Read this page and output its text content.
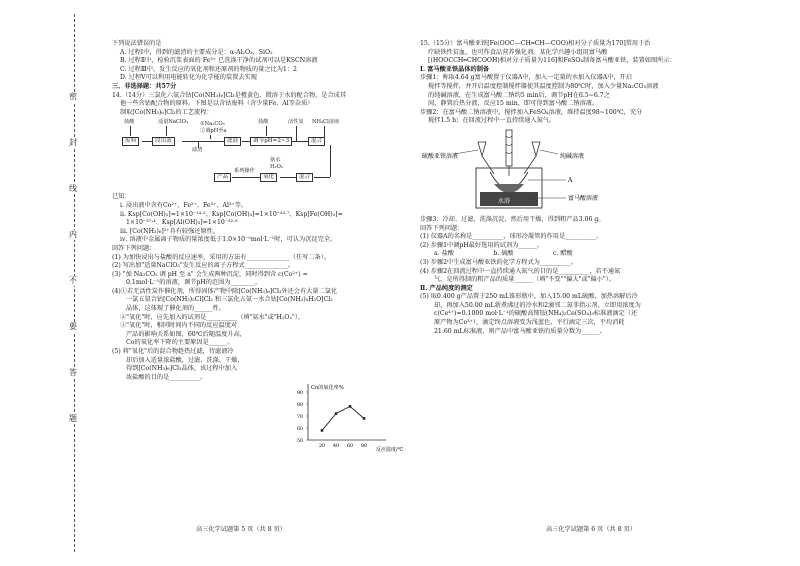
密
封
线
内
不
要
答
题

下列说法错误的是

A. 过程Ⅰ中，得到的滤渣的主要成分是：α-Al₂O₃、SiO₂

B. 过程Ⅱ中，检验沉浆表面的 Fe³⁺ 已洗涤干净的试剂可以是KSCN溶液

C. 过程Ⅲ中，发生反应的氧化剂和还原剂的物质的量之比为1：2

D. 过程Ⅴ可以利用电能转化为化学能的装置去实现

三、非选择题：共57分

14.（14分）三氯化六氨合钴[Co(NH₃)₆]Cl₃是橙黄色、微溶于水的配合物，是合成其

他一些含钴配合物的原料。下图是以含钴废料（含少量Fe、Al等杂质）

制取[Co(NH₃)₆]Cl₃的工艺流程：

盐酸	适量NaClO₃ ①Na₂CO₃
②调pH至a
盐酸	活性炭 NH₄Cl溶液
氨水
H₂O₂
废料	浸出液
滤渣
滤液	调节pH=2~3	混合
混合
氧化
系列操作
产品

已知：

ⅰ. 浸出液中含有Co²⁺、Fe²⁺、Fe³⁺、Al³⁺等。

ⅱ. Ksp[Co(OH)₂]=1×10⁻¹⁴·²、Ksp[Co(OH)₃]=1×10⁻⁴³·⁷、Ksp[Fe(OH)₃]=

1×10⁻³⁷·⁴、Ksp[Al(OH)₃]=1×10⁻³²·⁹

ⅲ. [Co(NH₃)₆]²⁺具有较强还原性。

ⅳ. 溶液中金属离子物质的量浓度低于1.0×10⁻⁵mol·L⁻¹时，可认为沉淀完全。

回答下列问题：

(1) 为加快浸出与盐酸的反应速率，采用的方法有______________（任写二条）。

(2) 写出加"适量NaClO₃"发生反应的离子方程式______________。

(3) "加 Na₂CO₃ 调 pH 至 a" 会生成两种沉淀，同时得到含 c(Co²⁺) =

0.1mol·L⁻¹的溶液，调节pH的范围为________。

(4)①若无活性炭作催化剂，所得固体产物中除[Co(NH₃)₆]Cl₃外还会有大量二氯化

一氯五氨合钴[Co(NH₃)₅Cl]Cl₂ 和三氯化五氨一水合钴[Co(NH₃)₅H₂O]Cl₃

晶体，这体现了催化剂的______性。

②"氧化"时，应先加入的试剂是__________（填"氨水"或"H₂O₂"）。

③"氧化"时，相同时间内不同的反应温度对

产品的影响关系如图，60℃后随温度升高，

Co的氧化率下降的主要原因是______。

(5) 将"氧化"后的混合物趁热过滤，待滤液冷

却后加入适量浓盐酸，过滤、洗涤、干燥，

得到[Co(NH₃)₆]Cl₃晶体，该过程中加入

浓盐酸的目的是__________。

Co的氧化率%
反应温度/℃
90
80
70
60
50
20 40 60 80
高三化学试题第 5 页（共 8 页）

15.（15分）富马酸亚铁[Fe(OOC—CH═CH—COO)相对分子质量为170]常用于治

疗缺铁性贫血，也可作食品营养强化剂。某化学兴趣小组用富马酸

[(HOOCCH═CHCOOH)相对分子质量为116]和FeSO₄制备富马酸亚铁，装置如图所示：

Ⅰ. 富马酸亚铁晶体的制备

步骤1：称取4.64 g富马酸置于仪器A中，加入一定量的水加入仪器A中，开启

搅拌等搅拌，并开启温度控制搅拌器使其温度控制为80℃时，加入少量Na₂CO₃溶液

的纯碱溶液，在生成富马酸二钠约5 min后，调节pH在6.5~6.7之

间，静置后热分液，反应15 min，即可得到富马酸二钠溶液。

步骤2：在富马酸二钠溶液中，搅拌加入FeSO₄溶液，维持温度98~100℃，充分

搅拌1.5 h；在回流过程中一直持续通入氮气。

硫酸亚铁溶液	纯碱溶液
A
水浴	富马酸溶液

步骤3：冷却、过滤，洗涤沉淀，然后用干燥，得到粗产品3.06 g。

回答下列问题：

(1) 仪器A的名称是__________，球形冷凝管的作用是__________。

(2) 步骤1中调pH最好选用的试剂为______。

a. 盐酸                    b. 硫酸                    c. 醋酸

(3) 步骤2中生成富马酸亚铁的化学方程式为__________。

(4) 步骤2在回流过程中一直持续通入氮气的目的是__________，若不通氮

气，是所得制的粗产品的质量______（填"不变""偏大"或"偏小"）。

Ⅱ. 产品纯度的测定

(5) 取0.400 g产品置于250 mL锥形瓶中，加入15.00 mL硫酸，加热溶解后冷

却，再加入50.00 mL新煮沸过的冷水和2滴邻二氮菲指示剂，立即用浓度为

c(Ce⁴⁺)=0.1000 mol·L⁻¹的硫酸高铈铵(NH₄)₂Ce(SO₄)₃标准液滴定（还

原产物为Ce³⁺），滴定终点溶液变为浅蓝色，平行滴定三次，平均消耗

21.60 mL标准液，则产品中富马酸亚铁的质量分数为______。

高三化学试题第 6 页（共 8 页）
